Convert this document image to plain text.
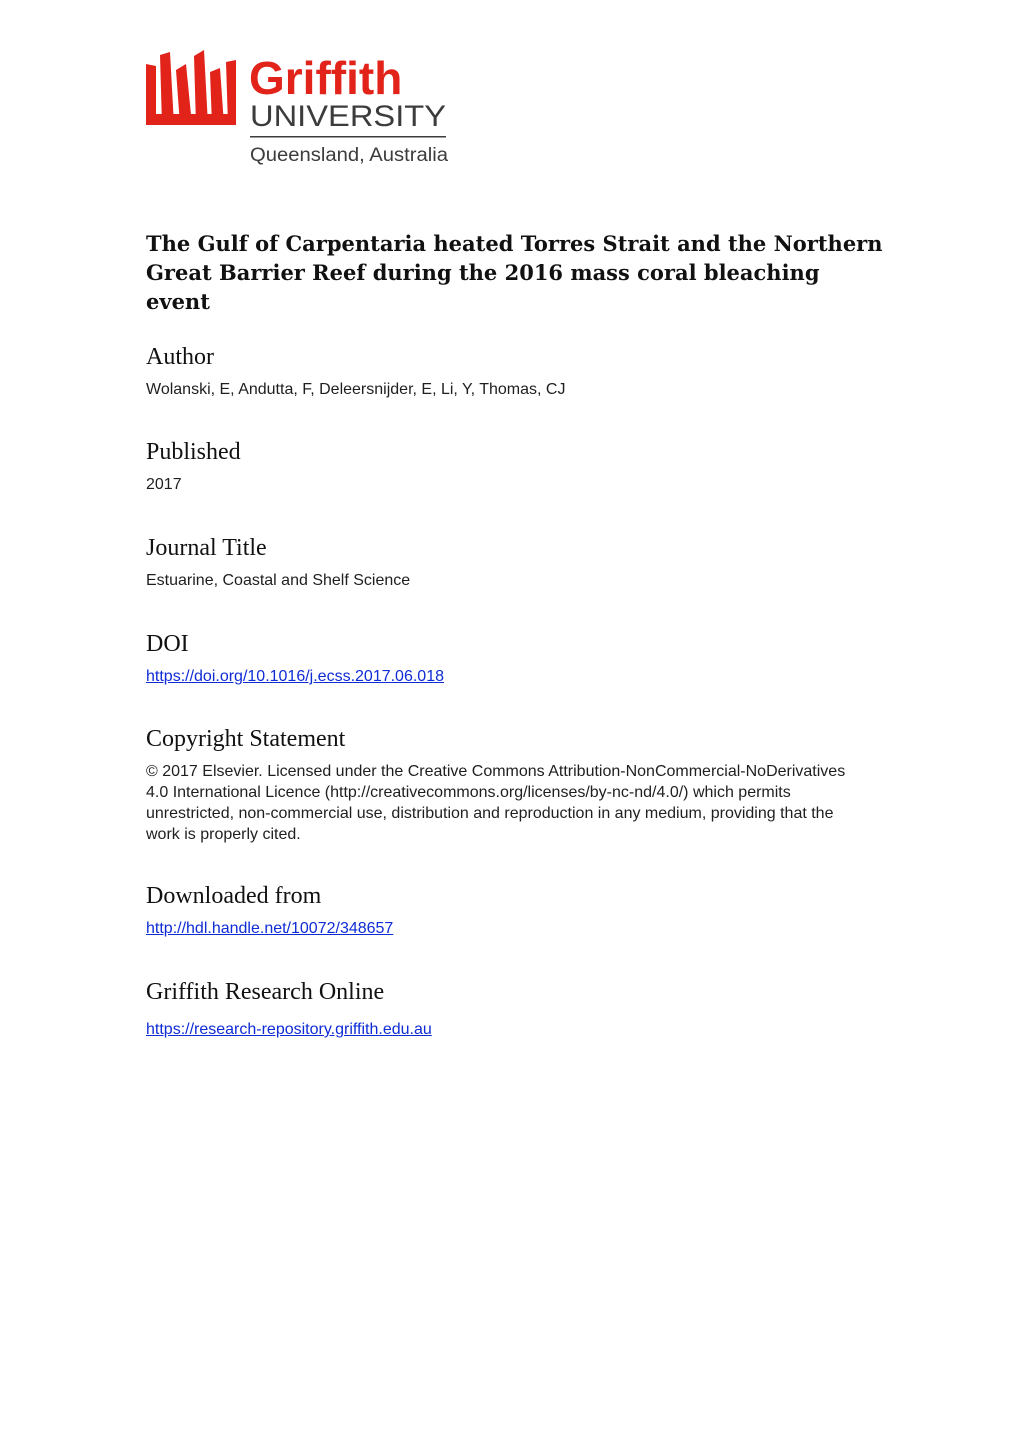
Griffith
UNIVERSITY
Queensland, Australia
The Gulf of Carpentaria heated Torres Strait and the Northern Great Barrier Reef during the 2016 mass coral bleaching event
Author

Wolanski, E, Andutta, F, Deleersnijder, E, Li, Y, Thomas, CJ

Published

2017

Journal Title

Estuarine, Coastal and Shelf Science

DOI

https://doi.org/10.1016/j.ecss.2017.06.018

Copyright Statement

© 2017 Elsevier. Licensed under the Creative Commons Attribution-NonCommercial-NoDerivatives 4.0 International Licence (http://creativecommons.org/licenses/by-nc-nd/4.0/) which permits unrestricted, non-commercial use, distribution and reproduction in any medium, providing that the work is properly cited.

Downloaded from

http://hdl.handle.net/10072/348657

Griffith Research Online

https://research-repository.griffith.edu.au
